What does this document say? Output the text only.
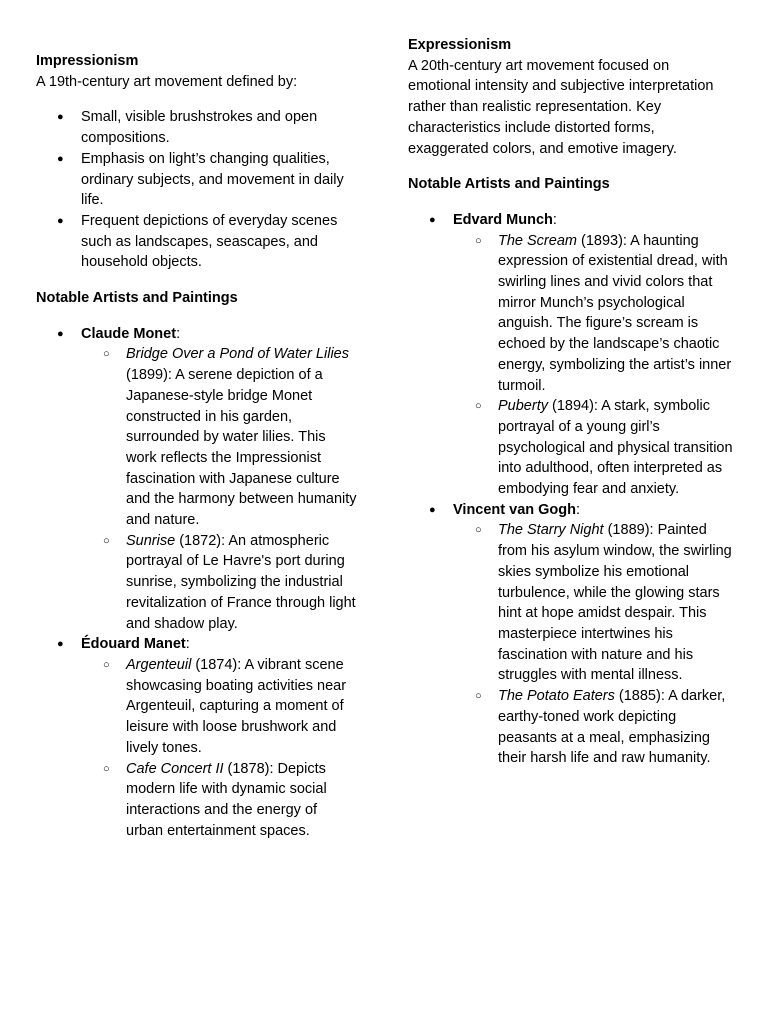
Impressionism

A 19th-century art movement defined by:

● Small, visible brushstrokes and open compositions.
● Emphasis on light’s changing qualities, ordinary subjects, and movement in daily life.
● Frequent depictions of everyday scenes such as landscapes, seascapes, and household objects.
Notable Artists and Paintings
● Claude Monet:
○ Bridge Over a Pond of Water Lilies (1899): A serene depiction of a Japanese-style bridge Monet constructed in his garden, surrounded by water lilies. This work reflects the Impressionist fascination with Japanese culture and the harmony between humanity and nature.
○ Sunrise (1872): An atmospheric portrayal of Le Havre's port during sunrise, symbolizing the industrial revitalization of France through light and shadow play.
● Édouard Manet:
○ Argenteuil (1874): A vibrant scene showcasing boating activities near Argenteuil, capturing a moment of leisure with loose brushwork and lively tones.
○ Cafe Concert II (1878): Depicts modern life with dynamic social interactions and the energy of urban entertainment spaces.
Expressionism

A 20th-century art movement focused on emotional intensity and subjective interpretation rather than realistic representation. Key characteristics include distorted forms, exaggerated colors, and emotive imagery.

Notable Artists and Paintings
● Edvard Munch:
○ The Scream (1893): A haunting expression of existential dread, with swirling lines and vivid colors that mirror Munch’s psychological anguish. The figure’s scream is echoed by the landscape’s chaotic energy, symbolizing the artist’s inner turmoil.
○ Puberty (1894): A stark, symbolic portrayal of a young girl’s psychological and physical transition into adulthood, often interpreted as embodying fear and anxiety.
● Vincent van Gogh:
○ The Starry Night (1889): Painted from his asylum window, the swirling skies symbolize his emotional turbulence, while the glowing stars hint at hope amidst despair. This masterpiece intertwines his fascination with nature and his struggles with mental illness.
○ The Potato Eaters (1885): A darker, earthy-toned work depicting peasants at a meal, emphasizing their harsh life and raw humanity.
